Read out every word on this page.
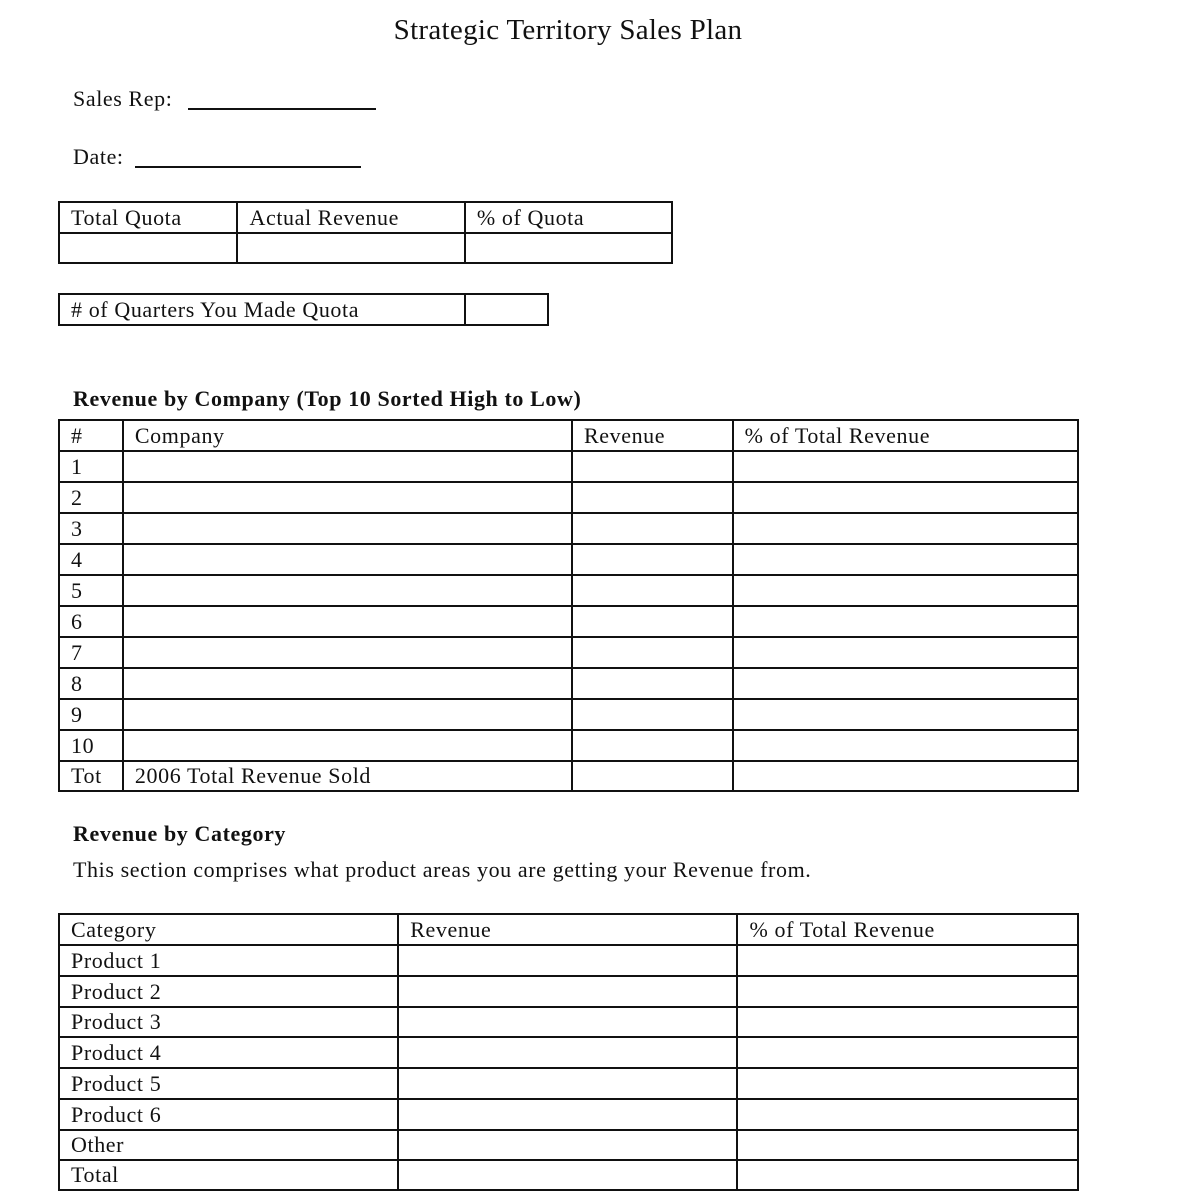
Strategic Territory Sales Plan
Sales Rep:
Date:
Total Quota	Actual Revenue	% of Quota

# of Quarters You Made Quota	
Revenue by Company (Top 10 Sorted High to Low)
#	Company	Revenue	% of Total Revenue
1			
2			
3			
4			
5			
6			
7			
8			
9			
10			
Tot	2006 Total Revenue Sold		
Revenue by Category
This section comprises what product areas you are getting your Revenue from.
Category	Revenue	% of Total Revenue
Product 1		
Product 2		
Product 3		
Product 4		
Product 5		
Product 6		
Other		
Total		
